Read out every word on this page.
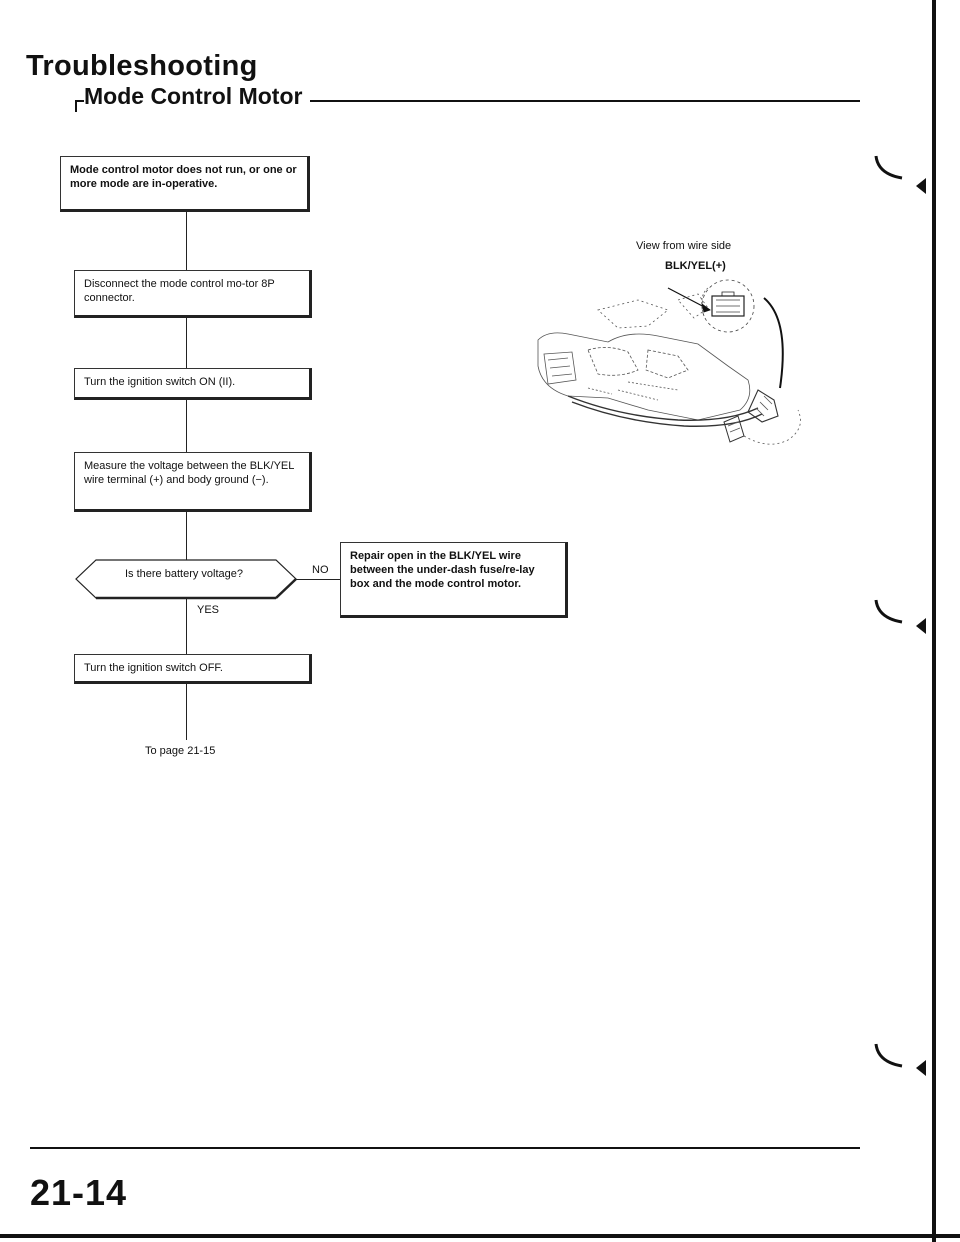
Troubleshooting
Mode Control Motor
Mode control motor does not run, or one or more mode are in-operative.
Disconnect the mode control mo-tor 8P connector.
Turn the ignition switch ON (II).
Measure the voltage between the BLK/YEL wire terminal (+) and body ground (−).
Is there battery voltage?	NO
YES
Repair open in the BLK/YEL wire between the under-dash fuse/re-lay box and the mode control motor.
Turn the ignition switch OFF.
To page 21-15
View from wire side
BLK/YEL(+)
21-14
